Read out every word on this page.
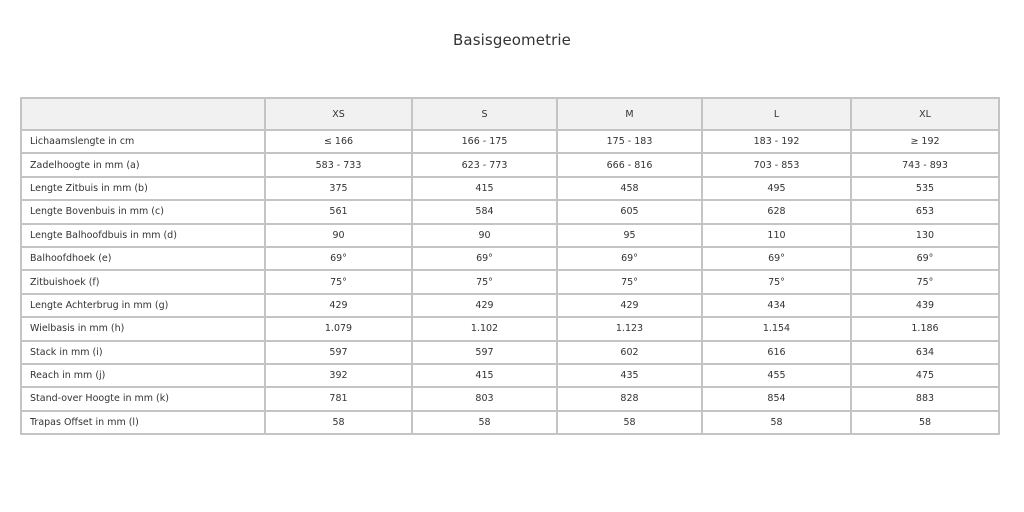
Basisgeometrie
	XS	S	M	L	XL
Lichaamslengte in cm	≤ 166	166 - 175	175 - 183	183 - 192	≥ 192
Zadelhoogte in mm (a)	583 - 733	623 - 773	666 - 816	703 - 853	743 - 893
Lengte Zitbuis in mm (b)	375	415	458	495	535
Lengte Bovenbuis in mm (c)	561	584	605	628	653
Lengte Balhoofdbuis in mm (d)	90	90	95	110	130
Balhoofdhoek (e)	69°	69°	69°	69°	69°
Zitbuishoek (f)	75°	75°	75°	75°	75°
Lengte Achterbrug in mm (g)	429	429	429	434	439
Wielbasis in mm (h)	1.079	1.102	1.123	1.154	1.186
Stack in mm (i)	597	597	602	616	634
Reach in mm (j)	392	415	435	455	475
Stand-over Hoogte in mm (k)	781	803	828	854	883
Trapas Offset in mm (l)	58	58	58	58	58
